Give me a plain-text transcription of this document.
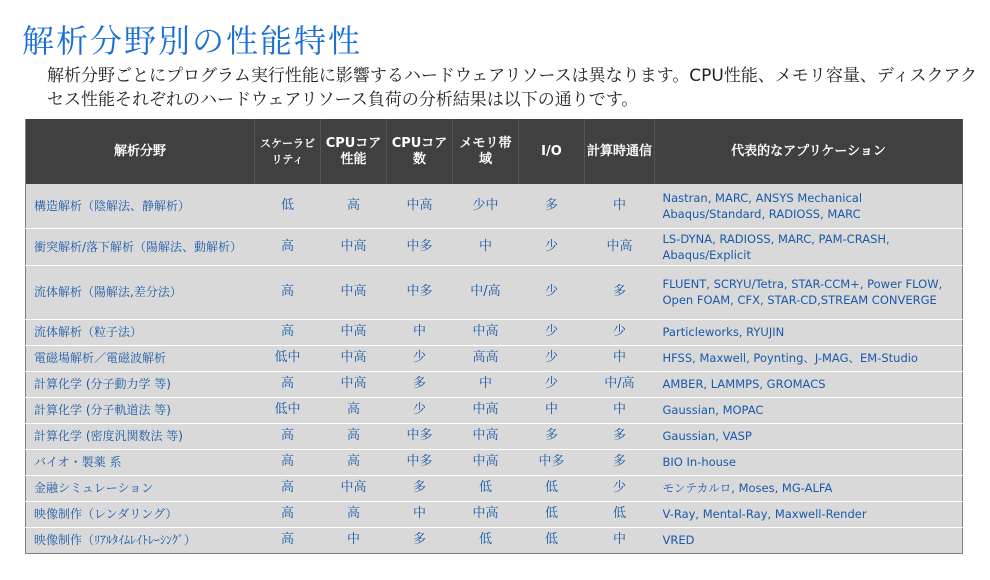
解析分野別の性能特性
解析分野ごとにプログラム実行性能に影響するハードウェアリソースは異なります。CPU性能、メモリ容量、ディスクアクセス性能それぞれのハードウェアリソース負荷の分析結果は以下の通りです。
解析分野	スケーラビリティ	CPUコア性能	CPUコア数	メモリ帯域	I/O	計算時通信	代表的なアプリケーション
構造解析（陰解法、静解析）	低	高	中高	少中	多	中	Nastran, MARC, ANSYS Mechanical Abaqus/Standard, RADIOSS, MARC
衝突解析/落下解析（陽解法、動解析）	高	中高	中多	中	少	中高	LS-DYNA, RADIOSS, MARC, PAM-CRASH, Abaqus/Explicit
流体解析（陽解法,差分法）	高	中高	中多	中/高	少	多	FLUENT, SCRYU/Tetra, STAR-CCM+, Power FLOW, Open FOAM, CFX, STAR-CD,STREAM CONVERGE
流体解析（粒子法）	高	中高	中	中高	少	少	Particleworks, RYUJIN
電磁場解析／電磁波解析	低中	中高	少	高高	少	中	HFSS, Maxwell, Poynting、J-MAG、EM-Studio
計算化学 (分子動力学 等)	高	中高	多	中	少	中/高	AMBER, LAMMPS, GROMACS
計算化学 (分子軌道法 等)	低中	高	少	中高	中	中	Gaussian, MOPAC
計算化学 (密度汎関数法 等)	高	高	中多	中高	多	多	Gaussian, VASP
バイオ・製薬 系	高	高	中多	中高	中多	多	BIO In-house
金融シミュレーション	高	中高	多	低	低	少	モンテカルロ, Moses, MG-ALFA
映像制作（レンダリング）	高	高	中	中高	低	低	V-Ray, Mental-Ray, Maxwell-Render
映像制作（ﾘｱﾙﾀｲﾑﾚｲﾄﾚｰｼﾝｸﾞ）	高	中	多	低	低	中	VRED
